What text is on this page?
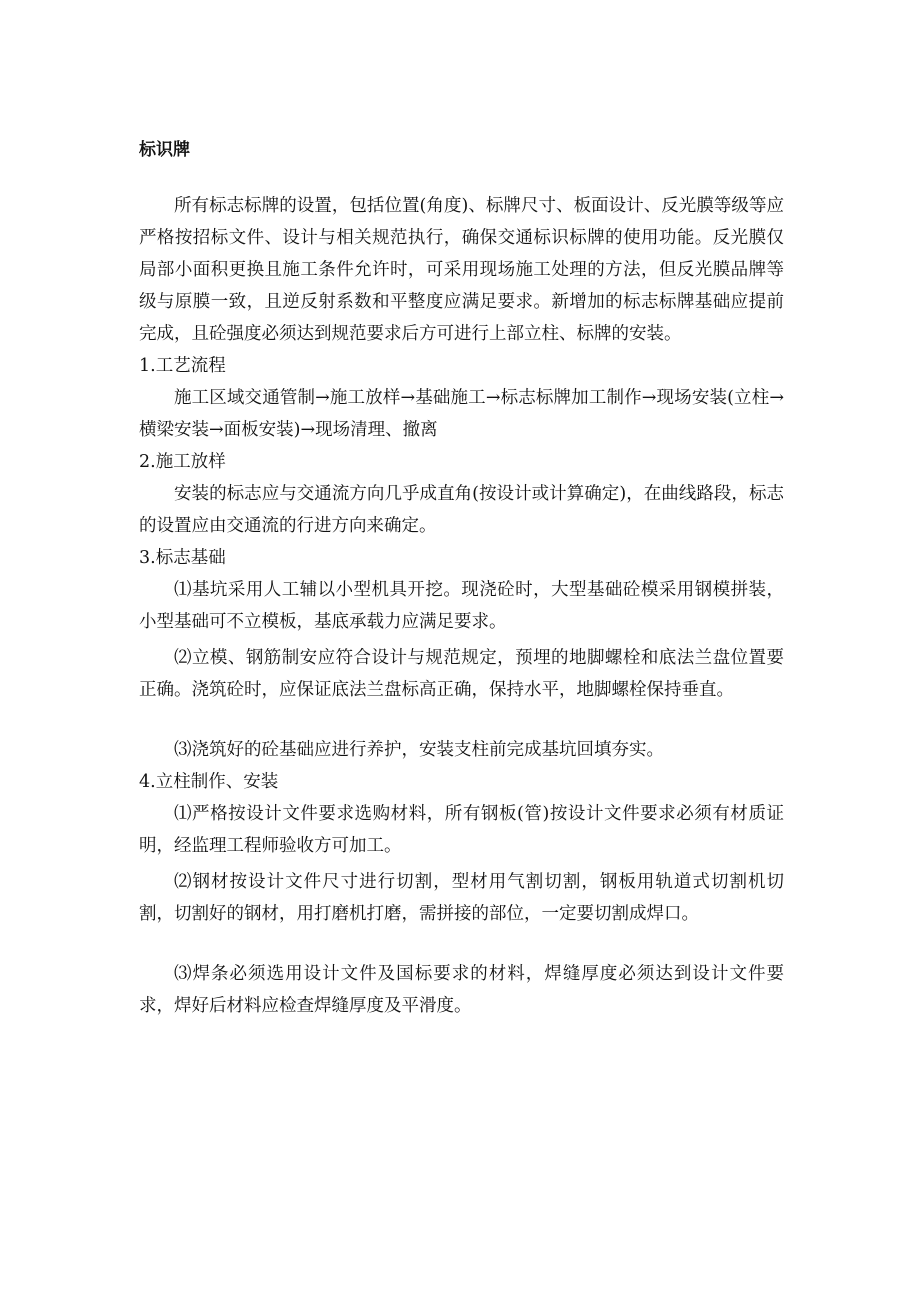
标识牌

所有标志标牌的设置，包括位置(角度)、标牌尺寸、板面设计、反光膜等级等应严格按招标文件、设计与相关规范执行，确保交通标识标牌的使用功能。反光膜仅局部小面积更换且施工条件允许时，可采用现场施工处理的方法，但反光膜品牌等级与原膜一致，且逆反射系数和平整度应满足要求。新增加的标志标牌基础应提前完成，且砼强度必须达到规范要求后方可进行上部立柱、标牌的安装。

1.工艺流程

施工区域交通管制→施工放样→基础施工→标志标牌加工制作→现场安装(立柱→横梁安装→面板安装)→现场清理、撤离

2.施工放样

安装的标志应与交通流方向几乎成直角(按设计或计算确定)，在曲线路段，标志的设置应由交通流的行进方向来确定。

3.标志基础

⑴基坑采用人工辅以小型机具开挖。现浇砼时，大型基础砼模采用钢模拼装，小型基础可不立模板，基底承载力应满足要求。

⑵立模、钢筋制安应符合设计与规范规定，预埋的地脚螺栓和底法兰盘位置要正确。浇筑砼时，应保证底法兰盘标高正确，保持水平，地脚螺栓保持垂直。

⑶浇筑好的砼基础应进行养护，安装支柱前完成基坑回填夯实。

4.立柱制作、安装

⑴严格按设计文件要求选购材料，所有钢板(管)按设计文件要求必须有材质证明，经监理工程师验收方可加工。

⑵钢材按设计文件尺寸进行切割，型材用气割切割，钢板用轨道式切割机切割，切割好的钢材，用打磨机打磨，需拼接的部位，一定要切割成焊口。

⑶焊条必须选用设计文件及国标要求的材料，焊缝厚度必须达到设计文件要求，焊好后材料应检查焊缝厚度及平滑度。
